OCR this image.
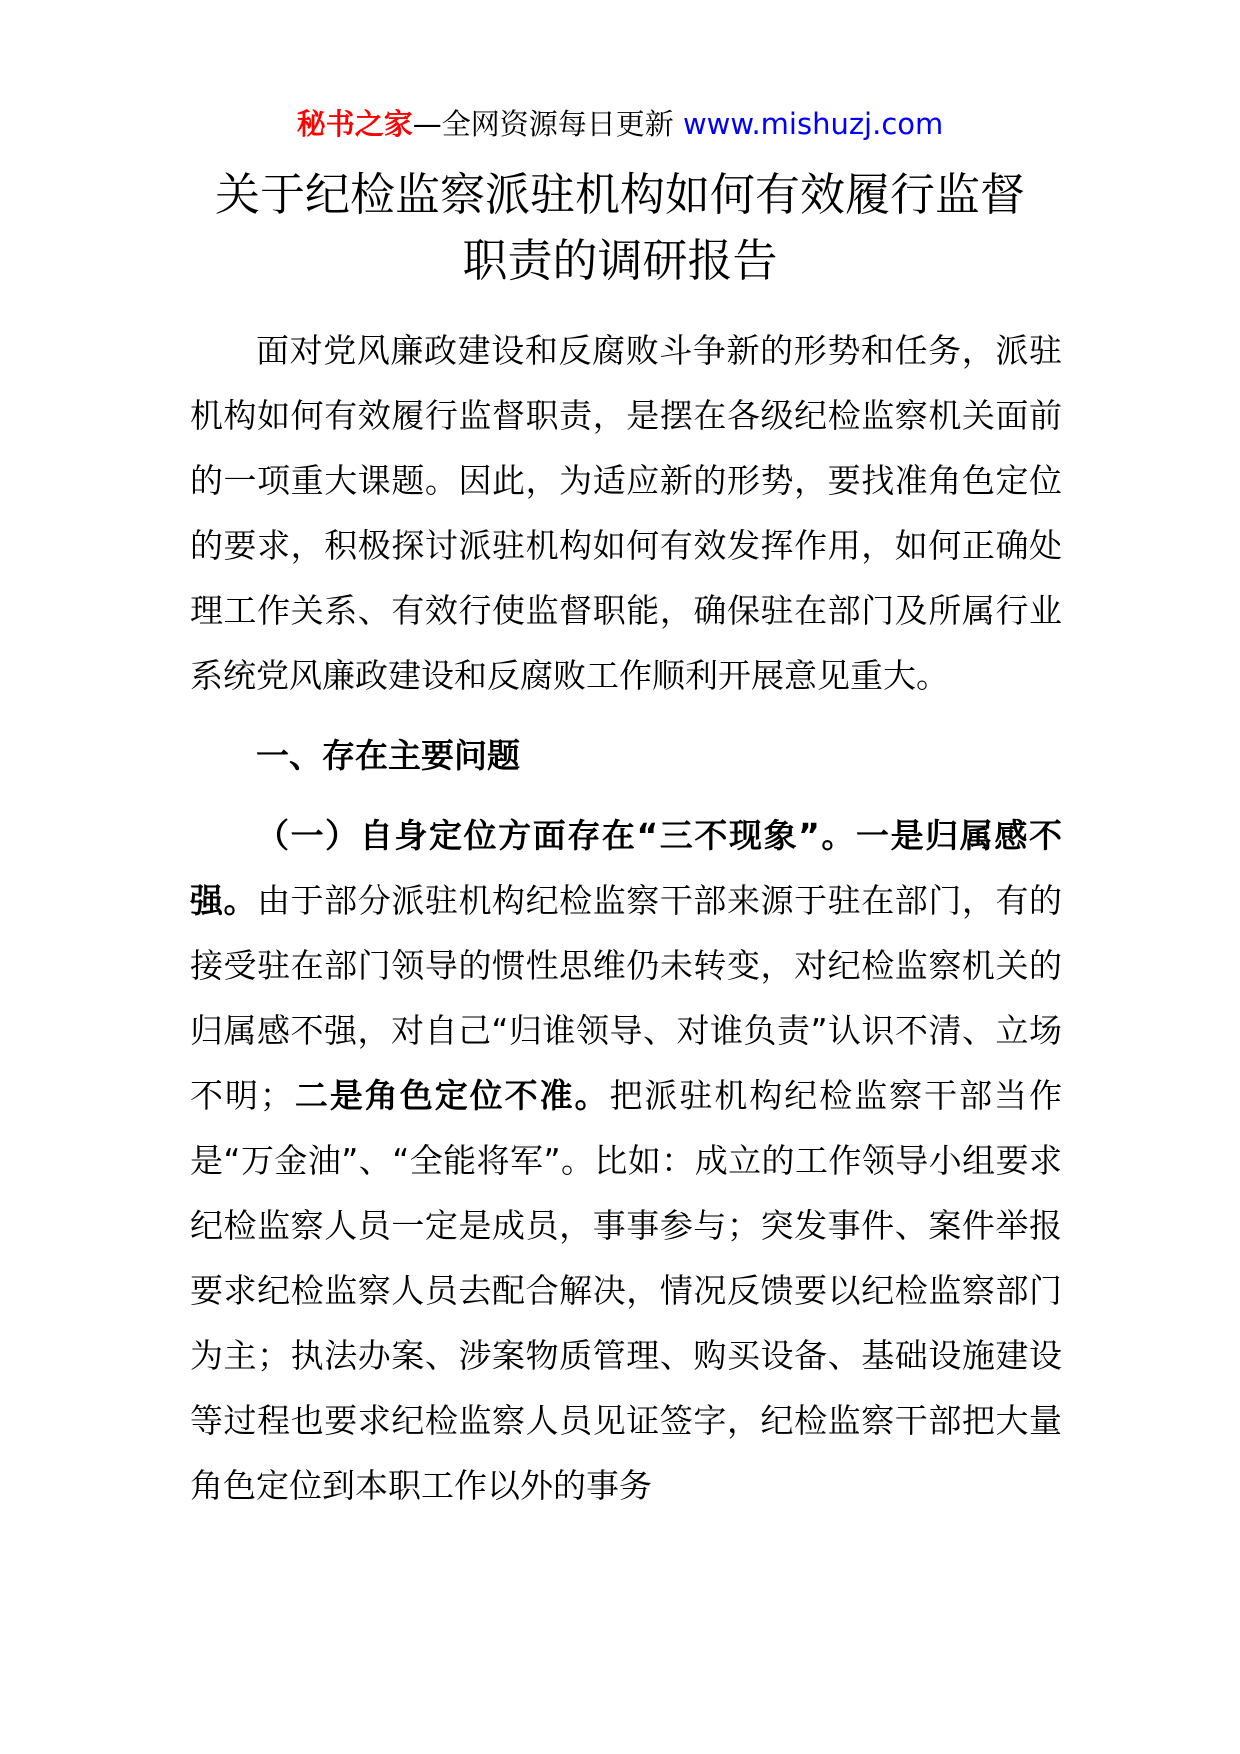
秘书之家—全网资源每日更新 www.mishuzj.com
关于纪检监察派驻机构如何有效履行监督
职责的调研报告

面对党风廉政建设和反腐败斗争新的形势和任务，派驻机构如何有效履行监督职责，是摆在各级纪检监察机关面前的一项重大课题。因此，为适应新的形势，要找准角色定位的要求，积极探讨派驻机构如何有效发挥作用，如何正确处理工作关系、有效行使监督职能，确保驻在部门及所属行业系统党风廉政建设和反腐败工作顺利开展意见重大。

一、存在主要问题

（一）自身定位方面存在“三不现象”。一是归属感不强。由于部分派驻机构纪检监察干部来源于驻在部门，有的接受驻在部门领导的惯性思维仍未转变，对纪检监察机关的归属感不强，对自己“归谁领导、对谁负责”认识不清、立场不明；二是角色定位不准。把派驻机构纪检监察干部当作是“万金油”、“全能将军”。比如：成立的工作领导小组要求纪检监察人员一定是成员，事事参与；突发事件、案件举报要求纪检监察人员去配合解决，情况反馈要以纪检监察部门为主；执法办案、涉案物质管理、购买设备、基础设施建设等过程也要求纪检监察人员见证签字，纪检监察干部把大量角色定位到本职工作以外的事务
